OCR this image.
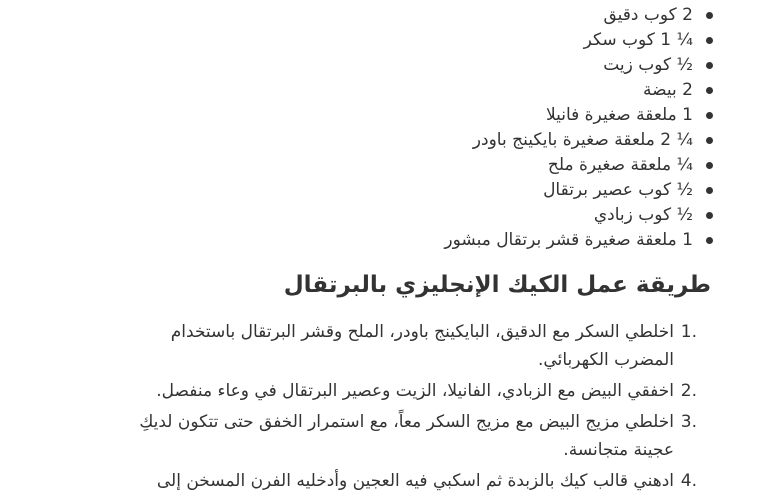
2 كوب دقيق
¼ 1 كوب سكر
½ كوب زيت
2 بيضة
1 ملعقة صغيرة فانيلا
¼ 2 ملعقة صغيرة بايكينج باودر
¼ ملعقة صغيرة ملح
½ كوب عصير برتقال
½ كوب زبادي
1 ملعقة صغيرة قشر برتقال مبشور
طريقة عمل الكيك الإنجليزي بالبرتقال
.1
اخلطي السكر مع الدقيق، البايكينج باودر، الملح وقشر البرتقال باستخدام المضرب الكهربائي.
.2
اخفقي البيض مع الزبادي، الفانيلا، الزيت وعصير البرتقال في وعاء منفصل.
.3
اخلطي مزيج البيض مع مزيج السكر معاً، مع استمرار الخفق حتى تتكون لديكِ عجينة متجانسة.
.4
ادهني قالب كيك بالزبدة ثم اسكبي فيه العجين وأدخليه الفرن المسخن إلى
